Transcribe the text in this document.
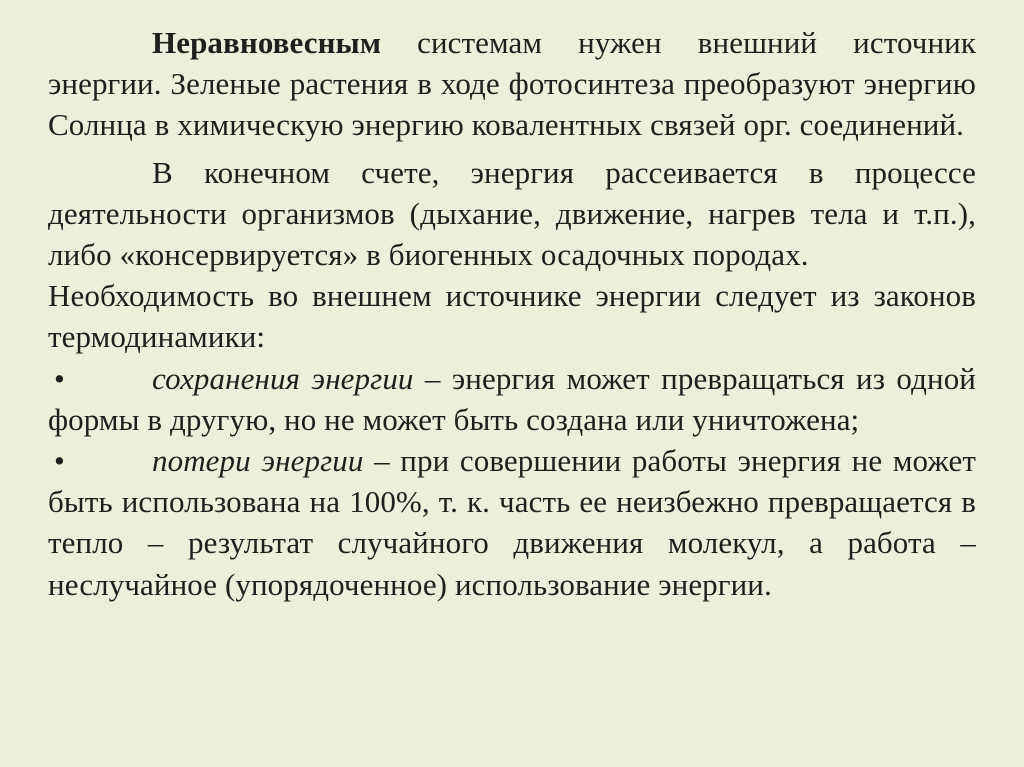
Неравновесным системам нужен внешний источник энергии. Зеленые растения в ходе фотосинтеза преобразуют энергию Солнца в химическую энергию ковалентных связей орг. соединений.

В конечном счете, энергия рассеивается в процессе деятельности организмов (дыхание, движение, нагрев тела и т.п.), либо «консервируется» в биогенных осадочных породах.

Необходимость во внешнем источнике энергии следует из законов термодинамики:

•	сохранения энергии – энергия может превращаться из одной формы в другую, но не может быть создана или уничтожена;

•	потери энергии – при совершении работы энергия не может быть использована на 100%, т. к. часть ее неизбежно превращается в тепло – результат случайного движения молекул, а работа – неслучайное (упорядоченное) использование энергии.
